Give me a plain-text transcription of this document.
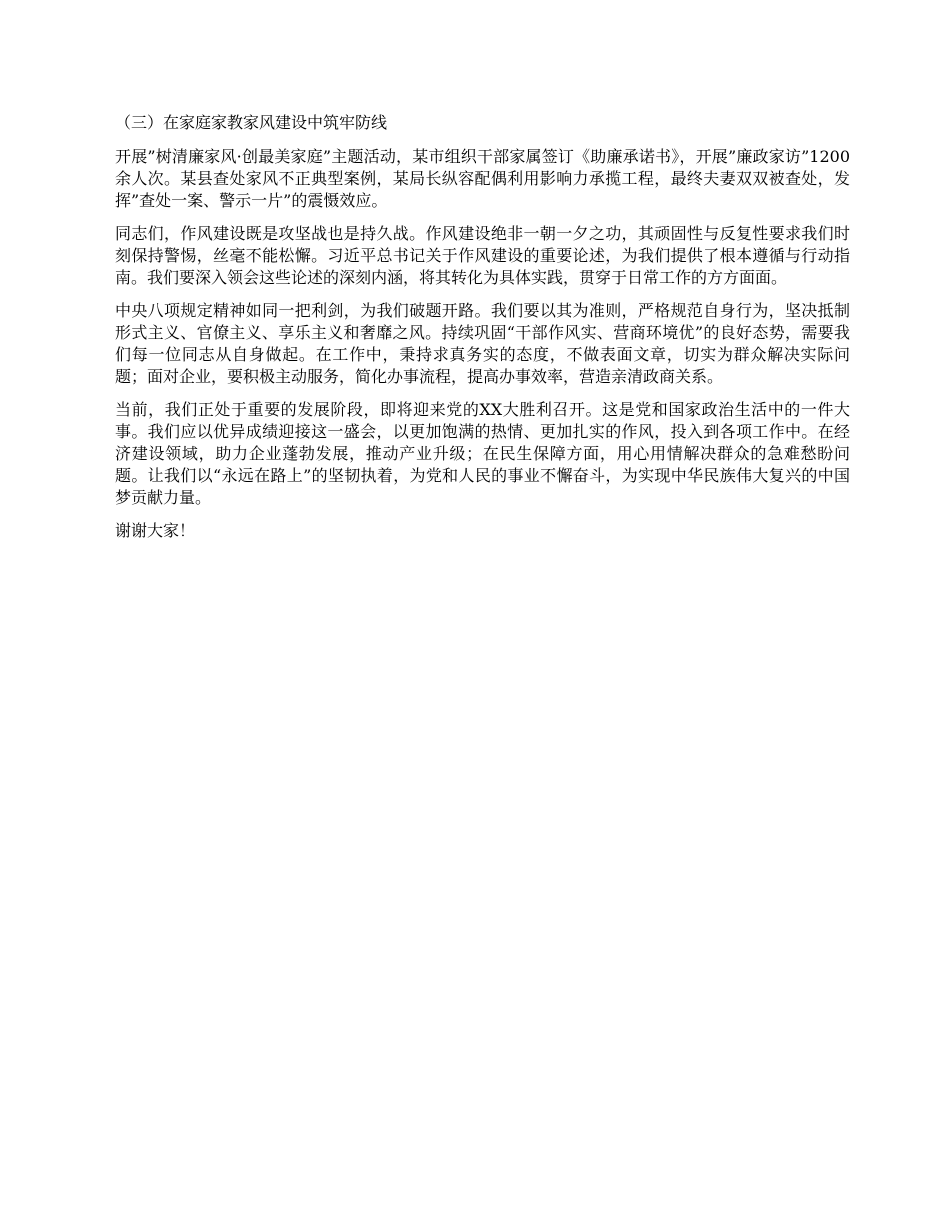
（三）在家庭家教家风建设中筑牢防线

开展”树清廉家风·创最美家庭”主题活动，某市组织干部家属签订《助廉承诺书》，开展”廉政家访”1200余人次。某县查处家风不正典型案例，某局长纵容配偶利用影响力承揽工程，最终夫妻双双被查处，发挥”查处一案、警示一片”的震慑效应。

同志们，作风建设既是攻坚战也是持久战。作风建设绝非一朝一夕之功，其顽固性与反复性要求我们时刻保持警惕，丝毫不能松懈。习近平总书记关于作风建设的重要论述，为我们提供了根本遵循与行动指南。我们要深入领会这些论述的深刻内涵，将其转化为具体实践，贯穿于日常工作的方方面面。

中央八项规定精神如同一把利剑，为我们破题开路。我们要以其为准则，严格规范自身行为，坚决抵制形式主义、官僚主义、享乐主义和奢靡之风。持续巩固“干部作风实、营商环境优”的良好态势，需要我们每一位同志从自身做起。在工作中，秉持求真务实的态度，不做表面文章，切实为群众解决实际问题；面对企业，要积极主动服务，简化办事流程，提高办事效率，营造亲清政商关系。

当前，我们正处于重要的发展阶段，即将迎来党的XX大胜利召开。这是党和国家政治生活中的一件大事。我们应以优异成绩迎接这一盛会，以更加饱满的热情、更加扎实的作风，投入到各项工作中。在经济建设领域，助力企业蓬勃发展，推动产业升级；在民生保障方面，用心用情解决群众的急难愁盼问题。让我们以“永远在路上”的坚韧执着，为党和人民的事业不懈奋斗，为实现中华民族伟大复兴的中国梦贡献力量。

谢谢大家！
